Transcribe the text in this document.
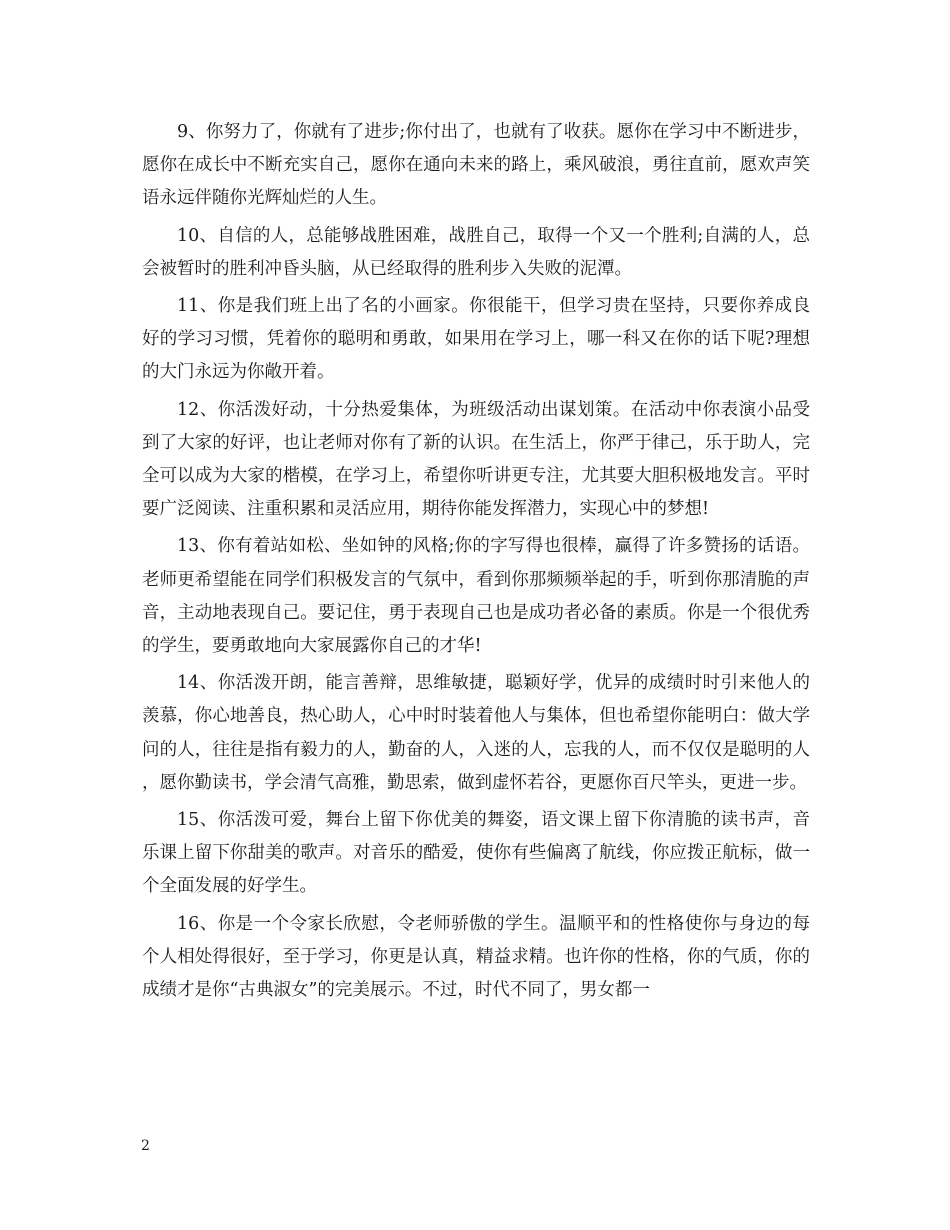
9、你努力了，你就有了进步;你付出了，也就有了收获。愿你在学习中不断进步，愿你在成长中不断充实自己，愿你在通向未来的路上，乘风破浪，勇往直前，愿欢声笑语永远伴随你光辉灿烂的人生。

10、自信的人，总能够战胜困难，战胜自己，取得一个又一个胜利;自满的人，总会被暂时的胜利冲昏头脑，从已经取得的胜利步入失败的泥潭。

11、你是我们班上出了名的小画家。你很能干，但学习贵在坚持，只要你养成良好的学习习惯，凭着你的聪明和勇敢，如果用在学习上，哪一科又在你的话下呢?理想的大门永远为你敞开着。

12、你活泼好动，十分热爱集体，为班级活动出谋划策。在活动中你表演小品受到了大家的好评，也让老师对你有了新的认识。在生活上，你严于律己，乐于助人，完全可以成为大家的楷模，在学习上，希望你听讲更专注，尤其要大胆积极地发言。平时要广泛阅读、注重积累和灵活应用，期待你能发挥潜力，实现心中的梦想!

13、你有着站如松、坐如钟的风格;你的字写得也很棒，赢得了许多赞扬的话语。老师更希望能在同学们积极发言的气氛中，看到你那频频举起的手，听到你那清脆的声音，主动地表现自己。要记住，勇于表现自己也是成功者必备的素质。你是一个很优秀的学生，要勇敢地向大家展露你自己的才华!

14、你活泼开朗，能言善辩，思维敏捷，聪颖好学，优异的成绩时时引来他人的羡慕，你心地善良，热心助人，心中时时装着他人与集体，但也希望你能明白：做大学问的人，往往是指有毅力的人，勤奋的人，入迷的人，忘我的人，而不仅仅是聪明的人，愿你勤读书，学会清气高雅，勤思索，做到虚怀若谷，更愿你百尺竿头，更进一步。

15、你活泼可爱，舞台上留下你优美的舞姿，语文课上留下你清脆的读书声，音乐课上留下你甜美的歌声。对音乐的酷爱，使你有些偏离了航线，你应拨正航标，做一个全面发展的好学生。

16、你是一个令家长欣慰，令老师骄傲的学生。温顺平和的性格使你与身边的每个人相处得很好，至于学习，你更是认真，精益求精。也许你的性格，你的气质，你的成绩才是你“古典淑女”的完美展示。不过，时代不同了，男女都一

2
